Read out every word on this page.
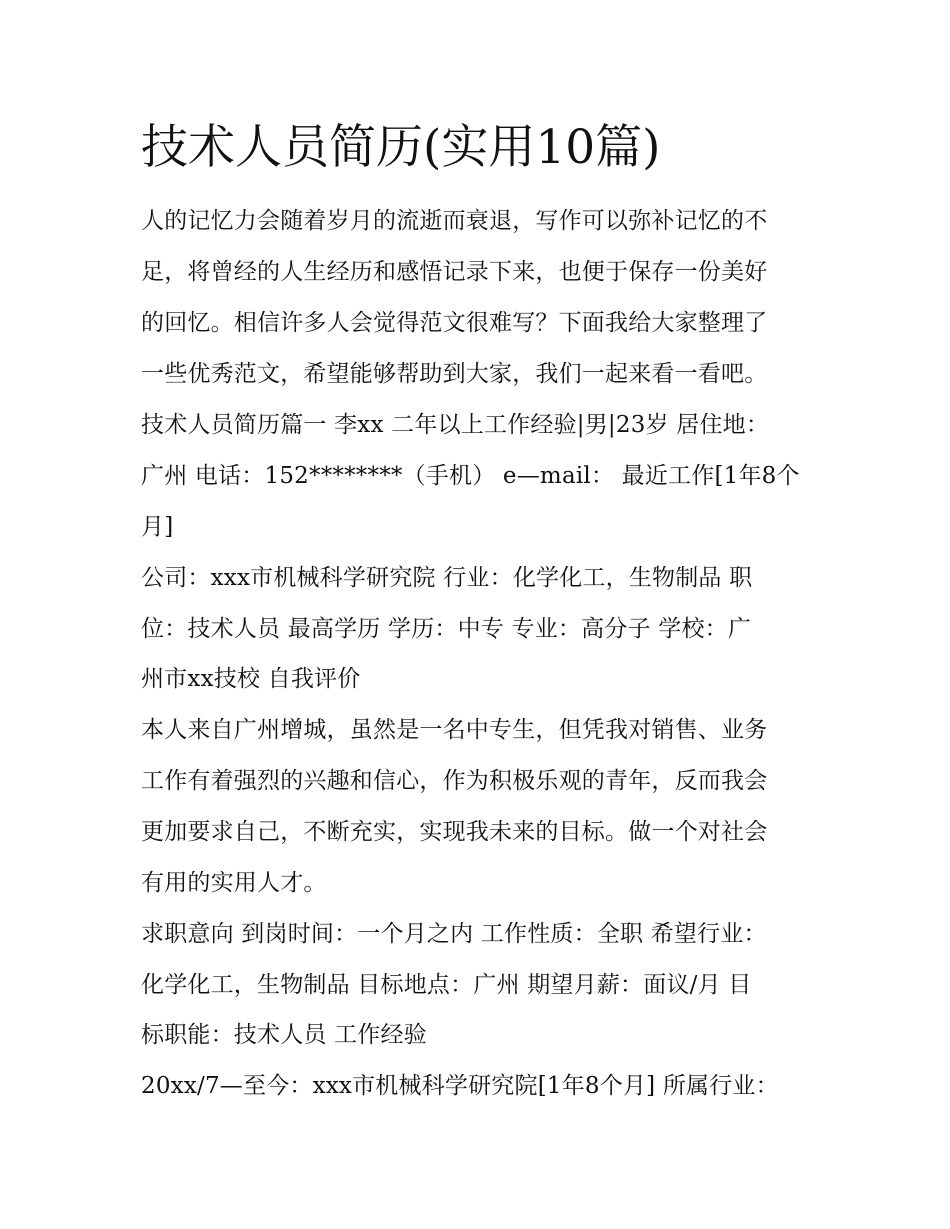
技术人员简历(实用10篇)

人的记忆力会随着岁月的流逝而衰退，写作可以弥补记忆的不

足，将曾经的人生经历和感悟记录下来，也便于保存一份美好

的回忆。相信许多人会觉得范文很难写？下面我给大家整理了

一些优秀范文，希望能够帮助到大家，我们一起来看一看吧。

技术人员简历篇一 李xx 二年以上工作经验|男|23岁 居住地：

广州 电话：152********（手机） e—mail： 最近工作[1年8个

月]

公司：xxx市机械科学研究院 行业：化学化工，生物制品 职

位：技术人员 最高学历 学历：中专 专业：高分子 学校：广

州市xx技校 自我评价

本人来自广州增城，虽然是一名中专生，但凭我对销售、业务

工作有着强烈的兴趣和信心，作为积极乐观的青年，反而我会

更加要求自己，不断充实，实现我未来的目标。做一个对社会

有用的实用人才。

求职意向 到岗时间：一个月之内 工作性质：全职 希望行业：

化学化工，生物制品 目标地点：广州 期望月薪：面议/月 目

标职能：技术人员 工作经验

20xx/7—至今：xxx市机械科学研究院[1年8个月] 所属行业：
